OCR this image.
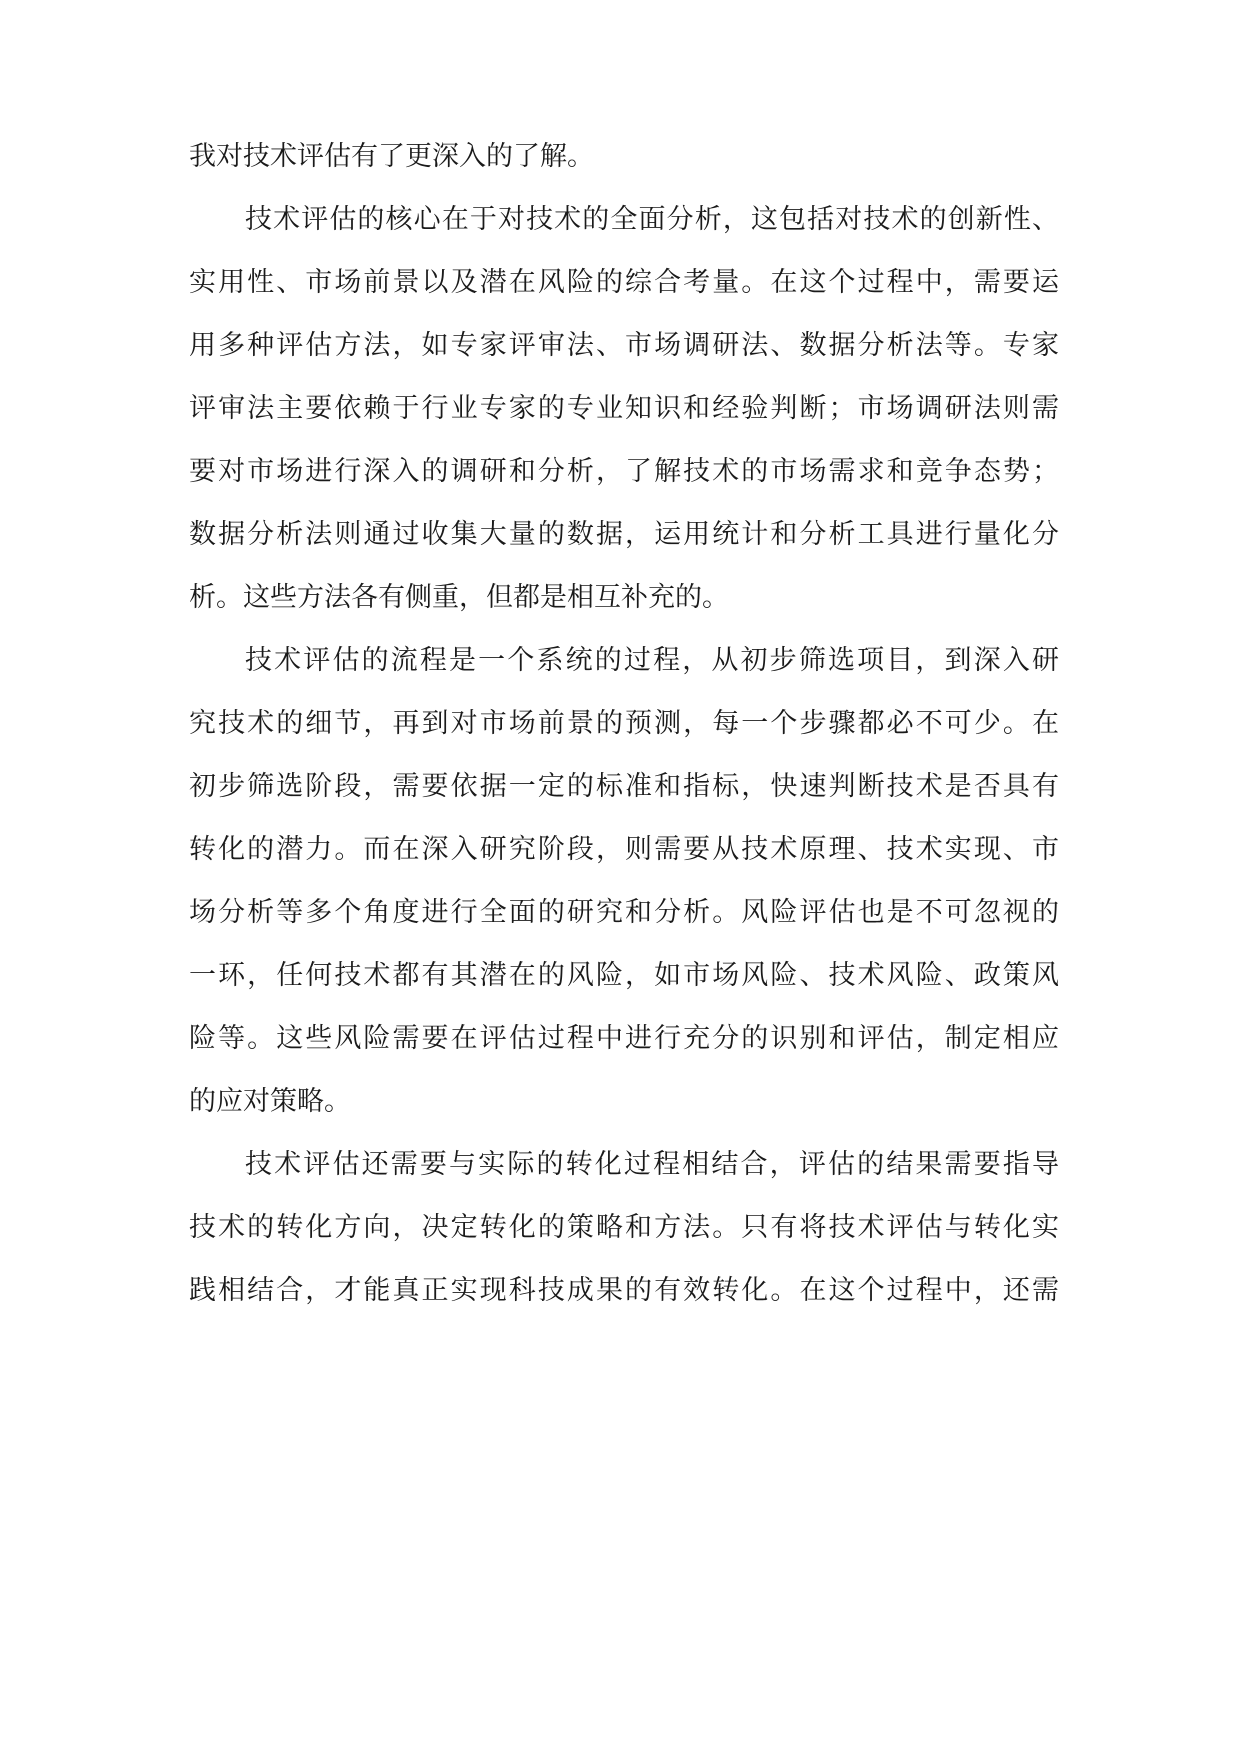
我对技术评估有了更深入的了解。
技术评估的核心在于对技术的全面分析，这包括对技术的创新性、
实用性、市场前景以及潜在风险的综合考量。在这个过程中，需要运
用多种评估方法，如专家评审法、市场调研法、数据分析法等。专家
评审法主要依赖于行业专家的专业知识和经验判断；市场调研法则需
要对市场进行深入的调研和分析，了解技术的市场需求和竞争态势；
数据分析法则通过收集大量的数据，运用统计和分析工具进行量化分
析。这些方法各有侧重，但都是相互补充的。
技术评估的流程是一个系统的过程，从初步筛选项目，到深入研
究技术的细节，再到对市场前景的预测，每一个步骤都必不可少。在
初步筛选阶段，需要依据一定的标准和指标，快速判断技术是否具有
转化的潜力。而在深入研究阶段，则需要从技术原理、技术实现、市
场分析等多个角度进行全面的研究和分析。风险评估也是不可忽视的
一环，任何技术都有其潜在的风险，如市场风险、技术风险、政策风
险等。这些风险需要在评估过程中进行充分的识别和评估，制定相应
的应对策略。
技术评估还需要与实际的转化过程相结合，评估的结果需要指导
技术的转化方向，决定转化的策略和方法。只有将技术评估与转化实
践相结合，才能真正实现科技成果的有效转化。在这个过程中，还需
